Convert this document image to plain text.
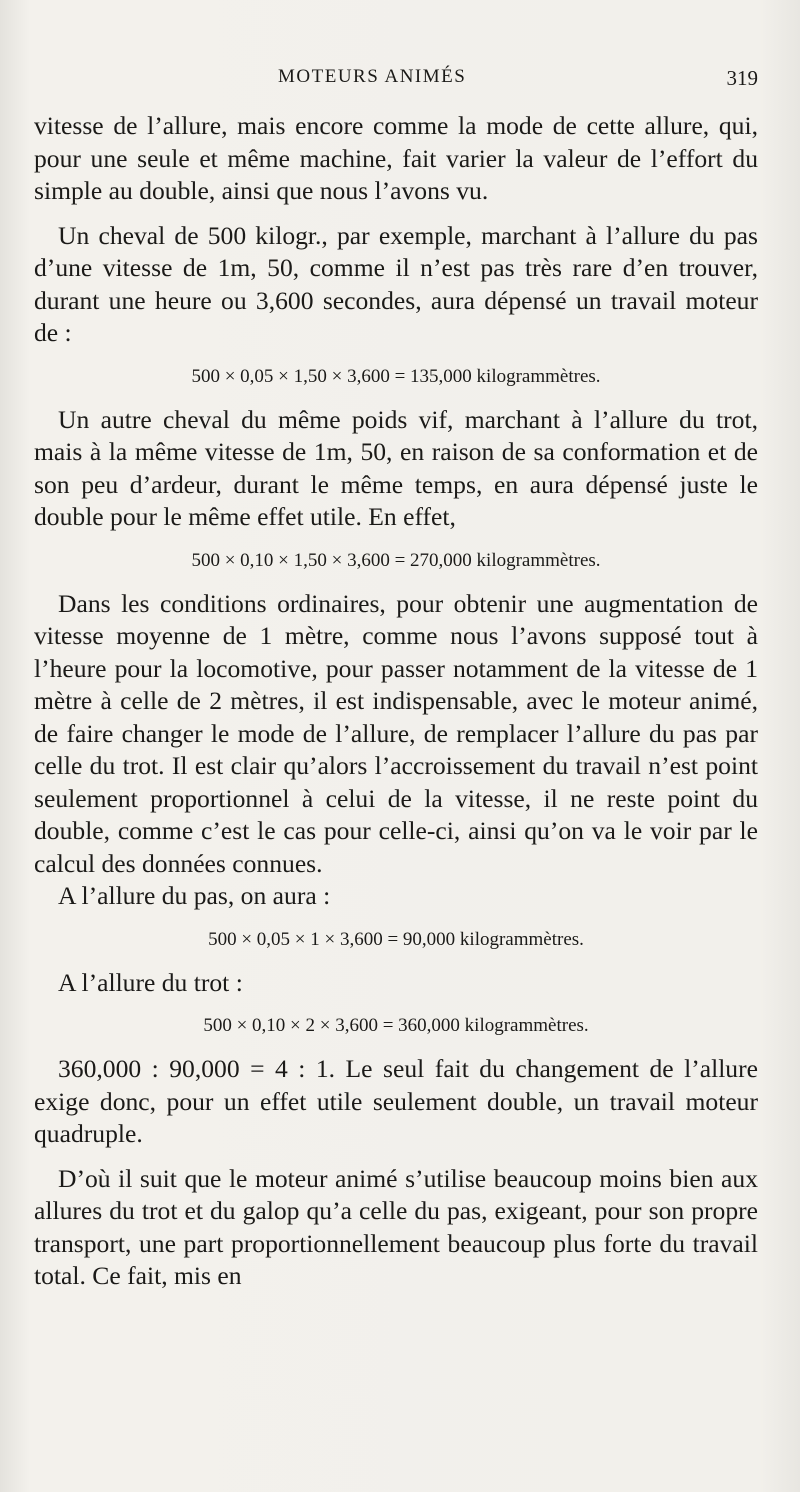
MOTEURS ANIMÉS	319

vitesse de l’allure, mais encore comme la mode de cette allure, qui, pour une seule et même machine, fait varier la valeur de l’effort du simple au double, ainsi que nous l’avons vu.

Un cheval de 500 kilogr., par exemple, marchant à l’allure du pas d’une vitesse de 1m, 50, comme il n’est pas très rare d’en trouver, durant une heure ou 3,600 secondes, aura dépensé un travail moteur de :

500 × 0,05 × 1,50 × 3,600 = 135,000 kilogrammètres.

Un autre cheval du même poids vif, marchant à l’allure du trot, mais à la même vitesse de 1m, 50, en raison de sa conformation et de son peu d’ardeur, durant le même temps, en aura dépensé juste le double pour le même effet utile. En effet,

500 × 0,10 × 1,50 × 3,600 = 270,000 kilogrammètres.

Dans les conditions ordinaires, pour obtenir une augmentation de vitesse moyenne de 1 mètre, comme nous l’avons supposé tout à l’heure pour la locomotive, pour passer notamment de la vitesse de 1 mètre à celle de 2 mètres, il est indispensable, avec le moteur animé, de faire changer le mode de l’allure, de remplacer l’allure du pas par celle du trot. Il est clair qu’alors l’accroissement du travail n’est point seulement proportionnel à celui de la vitesse, il ne reste point du double, comme c’est le cas pour celle-ci, ainsi qu’on va le voir par le calcul des données connues.

A l’allure du pas, on aura :

500 × 0,05 × 1 × 3,600 = 90,000 kilogrammètres.

A l’allure du trot :

500 × 0,10 × 2 × 3,600 = 360,000 kilogrammètres.

360,000 : 90,000 = 4 : 1. Le seul fait du changement de l’allure exige donc, pour un effet utile seulement double, un travail moteur quadruple.

D’où il suit que le moteur animé s’utilise beaucoup moins bien aux allures du trot et du galop qu’a celle du pas, exigeant, pour son propre transport, une part proportionnellement beaucoup plus forte du travail total. Ce fait, mis en
